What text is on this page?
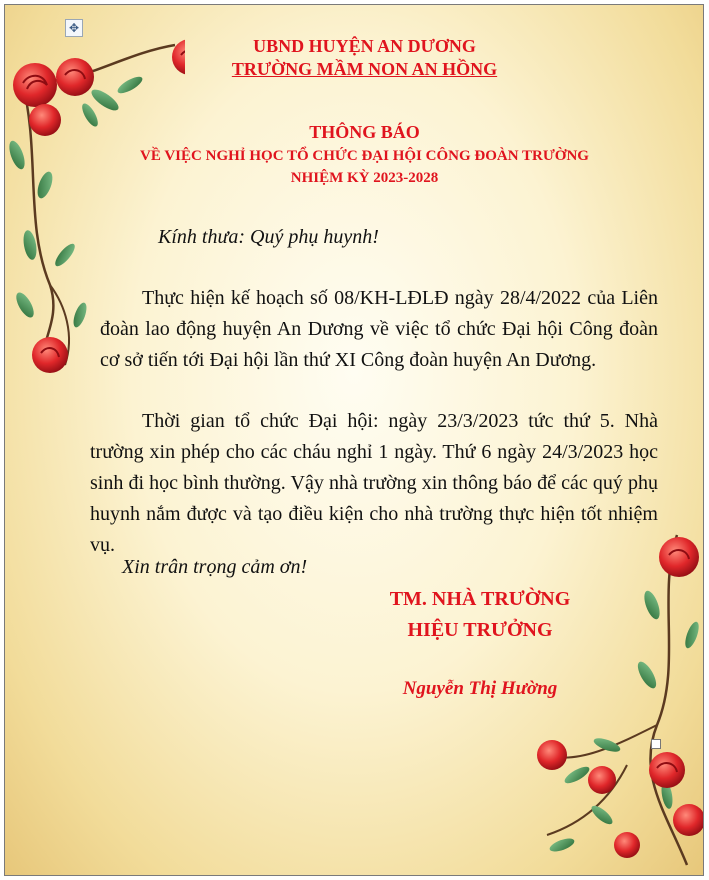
✥
UBND HUYỆN AN DƯƠNG
TRƯỜNG MẦM NON AN HỒNG
THÔNG BÁO
VỀ VIỆC NGHỈ HỌC TỔ CHỨC ĐẠI HỘI CÔNG ĐOÀN TRƯỜNG
NHIỆM KỲ 2023-2028
Kính thưa: Quý phụ huynh!

Thực hiện kế hoạch số 08/KH-LĐLĐ ngày 28/4/2022 của Liên đoàn lao động huyện An Dương về việc tổ chức Đại hội Công đoàn cơ sở tiến tới Đại hội lần thứ XI Công đoàn huyện An Dương.

Thời gian tổ chức Đại hội: ngày 23/3/2023 tức thứ 5. Nhà trường xin phép cho các cháu nghỉ 1 ngày. Thứ 6 ngày 24/3/2023 học sinh đi học bình thường. Vậy nhà trường xin thông báo để các quý phụ huynh nắm được và tạo điều kiện cho nhà trường thực hiện tốt nhiệm vụ.

Xin trân trọng cảm ơn!
TM. NHÀ TRƯỜNG
HIỆU TRƯỞNG
Nguyễn Thị Hường
